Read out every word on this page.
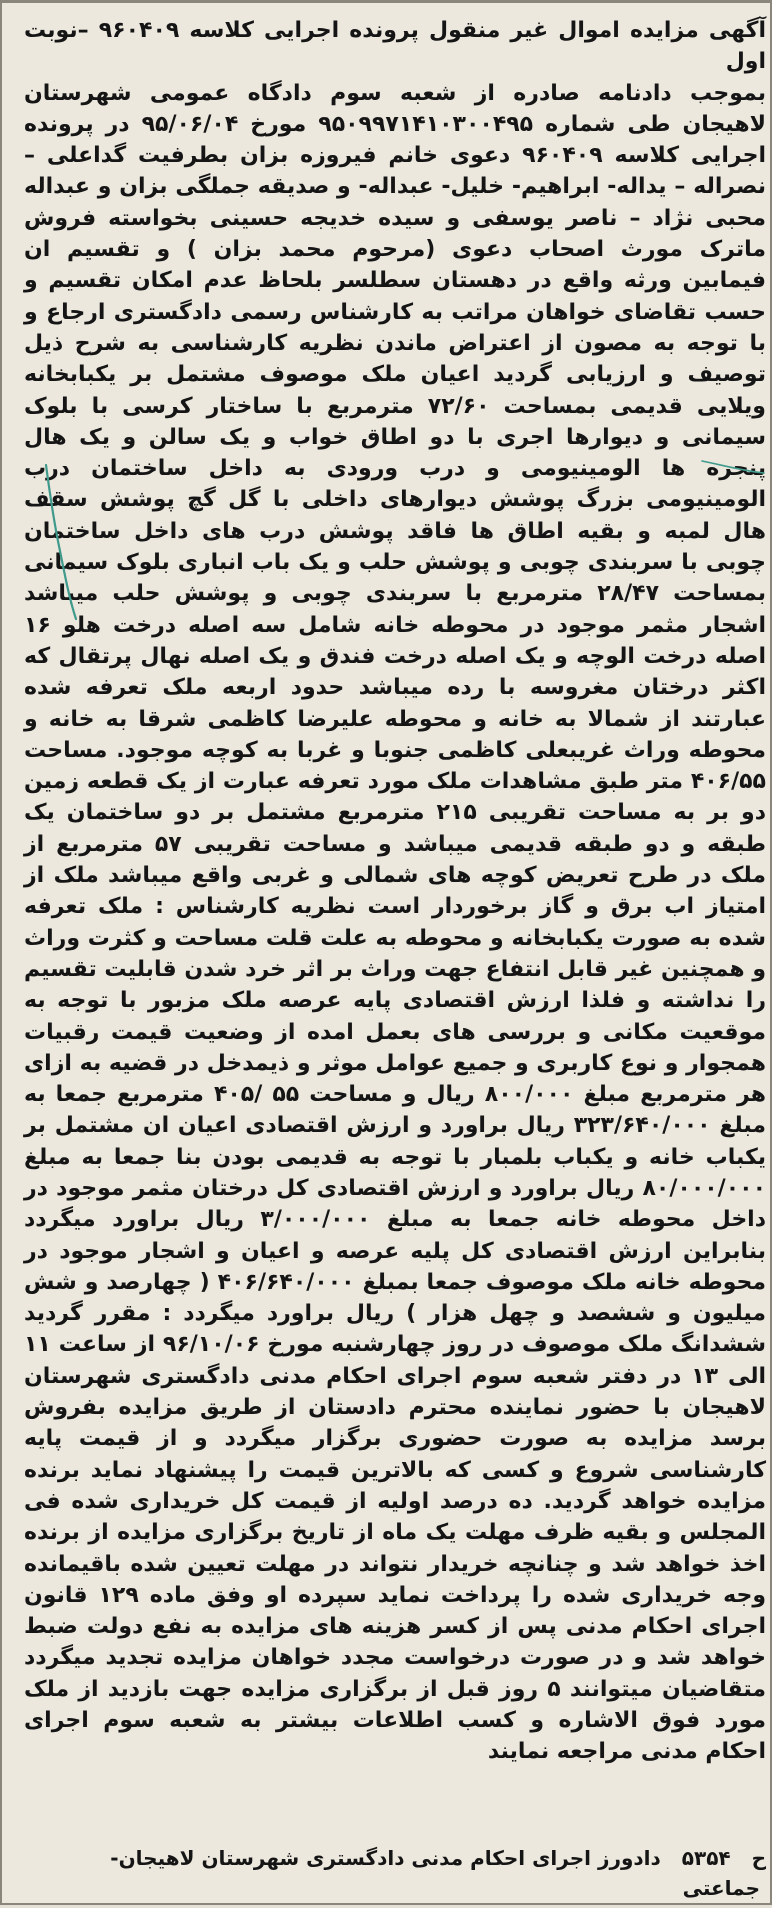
آگهی مزایده اموال غیر منقول پرونده اجرایی کلاسه ۹۶۰۴۰۹ –نوبت اول
بموجب دادنامه صادره از شعبه سوم دادگاه عمومی شهرستان لاهیجان طی شماره ۹۵۰۹۹۷۱۴۱۰۳۰۰۴۹۵ مورخ ۹۵/۰۶/۰۴ در پرونده اجرایی کلاسه ۹۶۰۴۰۹ دعوی خانم فیروزه بزان بطرفیت گداعلی – نصراله – یداله- ابراهیم- خلیل- عبداله- و صدیقه جملگی بزان و عبداله محبی نژاد – ناصر یوسفی و سیده خدیجه حسینی بخواسته فروش ماترک مورث اصحاب دعوی (مرحوم محمد بزان ) و تقسیم ان فیمابین ورثه واقع در دهستان سطلسر بلحاظ عدم امکان تقسیم و حسب تقاضای خواهان مراتب به کارشناس رسمی دادگستری ارجاع و با توجه به مصون از اعتراض ماندن نظریه کارشناسی به شرح ذیل توصیف و ارزیابی گردید اعیان ملک موصوف مشتمل بر یکبابخانه ویلایی قدیمی بمساحت ۷۲/۶۰ مترمربع با ساختار کرسی با بلوک سیمانی و دیوارها اجری با دو اطاق خواب و یک سالن و یک هال پنجره ها الومینیومی و درب ورودی به داخل ساختمان درب الومینیومی بزرگ پوشش دیوارهای داخلی با گل گچ پوشش سقف هال لمبه و بقیه اطاق ها فاقد پوشش درب های داخل ساختمان چوبی با سربندی چوبی و پوشش حلب و یک باب انباری بلوک سیمانی بمساحت ۲۸/۴۷ مترمربع با سربندی چوبی و پوشش حلب میباشد اشجار مثمر موجود در محوطه خانه شامل سه اصله درخت هلو ۱۶ اصله درخت الوچه و یک اصله درخت فندق و یک اصله نهال پرتقال که اکثر درختان مغروسه با رده میباشد حدود اربعه ملک تعرفه شده عبارتند از شمالا به خانه و محوطه علیرضا کاظمی شرقا به خانه و محوطه وراث غریبعلی کاظمی جنوبا و غربا به کوچه موجود. مساحت ۴۰۶/۵۵ متر طبق مشاهدات ملک مورد تعرفه عبارت از یک قطعه زمین دو بر به مساحت تقریبی ۲۱۵ مترمربع مشتمل بر دو ساختمان یک طبقه و دو طبقه قدیمی میباشد و مساحت تقریبی ۵۷ مترمربع از ملک در طرح تعریض کوچه های شمالی و غربی واقع میباشد ملک از امتیاز اب برق و گاز برخوردار است نظریه کارشناس : ملک تعرفه شده به صورت یکبابخانه و محوطه به علت قلت مساحت و کثرت وراث و همچنین غیر قابل انتفاع جهت وراث بر اثر خرد شدن قابلیت تقسیم را نداشته و فلذا ارزش اقتصادی پایه عرصه ملک مزبور با توجه به موقعیت مکانی و بررسی های بعمل امده از وضعیت قیمت رقبیات همجوار و نوع کاربری و جمیع عوامل موثر و ذیمدخل در قضیه به ازای هر مترمربع مبلغ ۸۰۰/۰۰۰ ریال و مساحت ۵۵ /۴۰۵ مترمربع جمعا به مبلغ ۳۲۳/۶۴۰/۰۰۰ ریال براورد و ارزش اقتصادی اعیان ان مشتمل بر یکباب خانه و یکباب بلمبار با توجه به قدیمی بودن بنا جمعا به مبلغ ۸۰/۰۰۰/۰۰۰ ریال براورد و ارزش اقتصادی کل درختان مثمر موجود در داخل محوطه خانه جمعا به مبلغ ۳/۰۰۰/۰۰۰ ریال براورد میگردد بنابراین ارزش اقتصادی کل پلیه عرصه و اعیان و اشجار موجود در محوطه خانه ملک موصوف جمعا بمبلغ ۴۰۶/۶۴۰/۰۰۰ ( چهارصد و شش میلیون و ششصد و چهل هزار ) ریال براورد میگردد : مقرر گردید ششدانگ ملک موصوف در روز چهارشنبه مورخ ۹۶/۱۰/۰۶ از ساعت ۱۱ الی ۱۳ در دفتر شعبه سوم اجرای احکام مدنی دادگستری شهرستان لاهیجان با حضور نماینده محترم دادستان از طریق مزایده بفروش برسد مزایده به صورت حضوری برگزار میگردد و از قیمت پایه کارشناسی شروع و کسی که بالاترین قیمت را پیشنهاد نماید برنده مزایده خواهد گردید. ده درصد اولیه از قیمت کل خریداری شده فی المجلس و بقیه ظرف مهلت یک ماه از تاریخ برگزاری مزایده از برنده اخذ خواهد شد و چنانچه خریدار نتواند در مهلت تعیین شده باقیمانده وجه خریداری شده را پرداخت نماید سپرده او وفق ماده ۱۲۹ قانون اجرای احکام مدنی پس از کسر هزینه های مزایده به نفع دولت ضبط خواهد شد و در صورت درخواست مجدد خواهان مزایده تجدید میگردد متقاضیان میتوانند ۵ روز قبل از برگزاری مزایده جهت بازدید از ملک مورد فوق الاشاره و کسب اطلاعات بیشتر به شعبه سوم اجرای احکام مدنی مراجعه نمایند
ح ۵۳۵۴ دادورز اجرای احکام مدنی دادگستری شهرستان لاهیجان-
جماعتی
